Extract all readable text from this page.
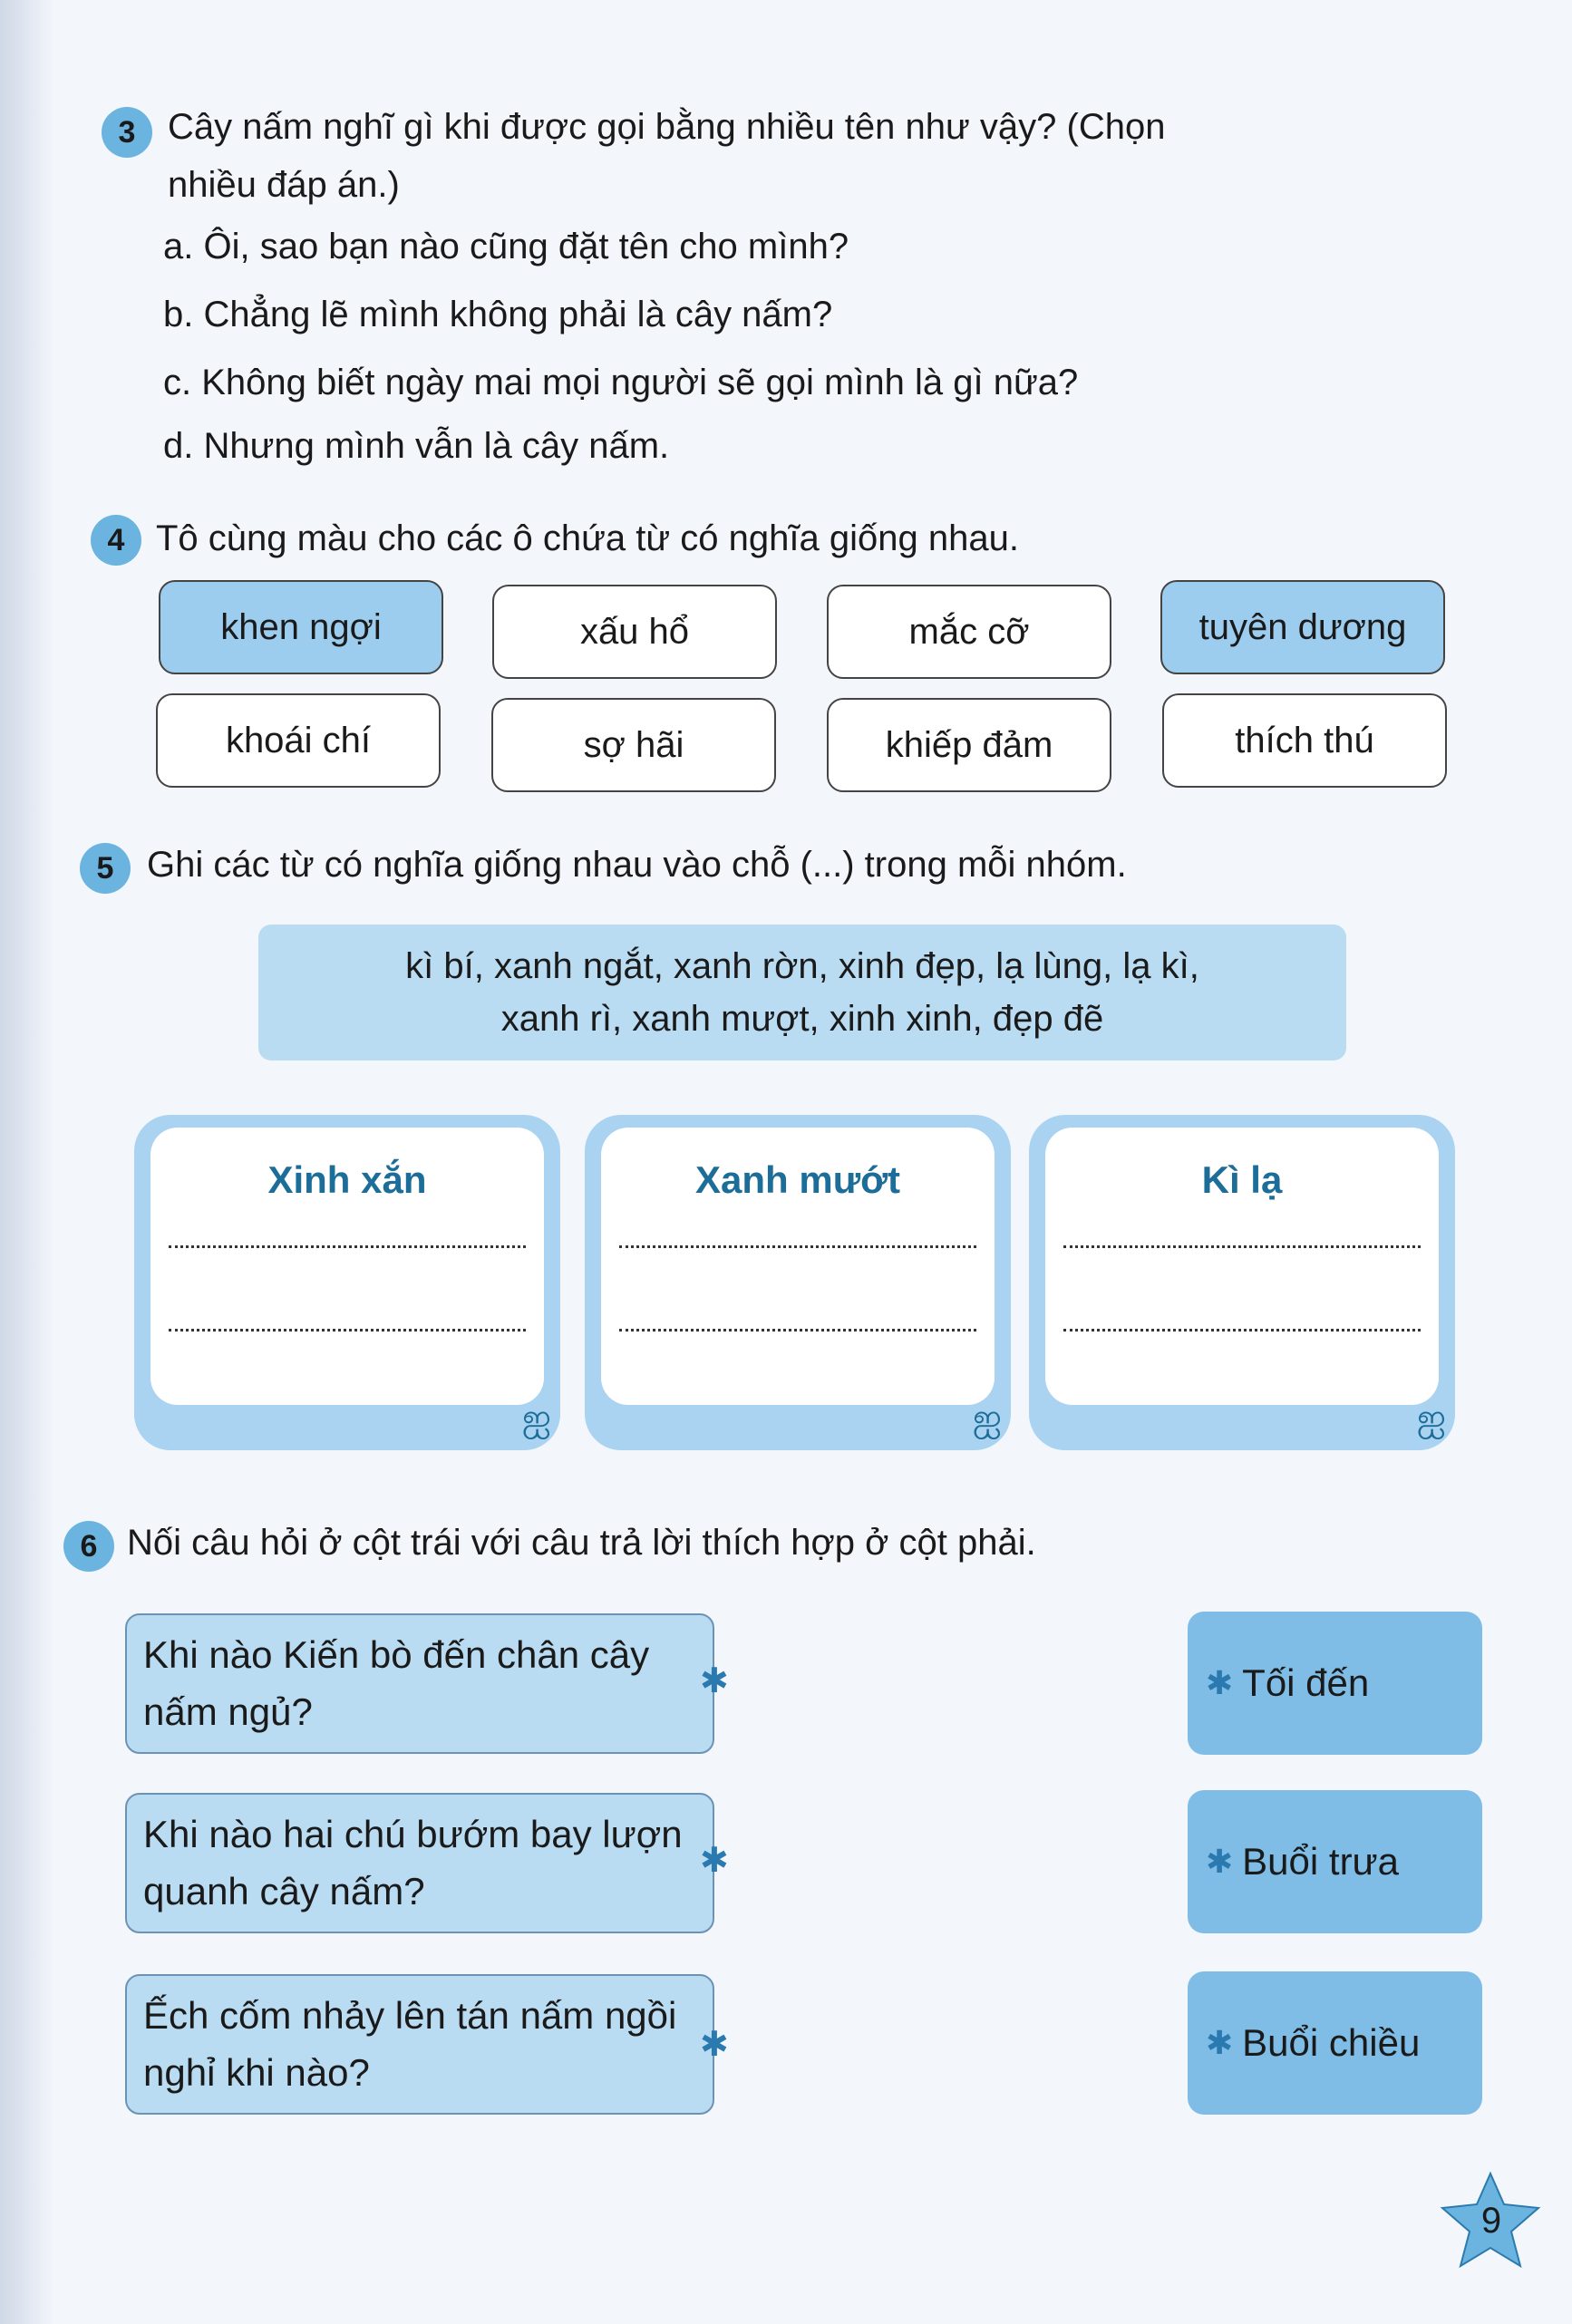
3 Cây nấm nghĩ gì khi được gọi bằng nhiều tên như vậy? (Chọn
nhiều đáp án.)
a. Ôi, sao bạn nào cũng đặt tên cho mình?
b. Chẳng lẽ mình không phải là cây nấm?
c. Không biết ngày mai mọi người sẽ gọi mình là gì nữa?
d. Nhưng mình vẫn là cây nấm.
4 Tô cùng màu cho các ô chứa từ có nghĩa giống nhau.
khen ngợi	xấu hổ	mắc cỡ	tuyên dương
khoái chí	sợ hãi	khiếp đảm	thích thú
5 Ghi các từ có nghĩa giống nhau vào chỗ (...) trong mỗi nhóm.
kì bí, xanh ngắt, xanh rờn, xinh đẹp, lạ lùng, lạ kì,
xanh rì, xanh mượt, xinh xinh, đẹp đẽ
Xinh xắn
ஐ
Xanh mướt
ஐ
Kì lạ
ஐ
6 Nối câu hỏi ở cột trái với câu trả lời thích hợp ở cột phải.
Khi nào Kiến bò đến chân cây nấm ngủ?
Khi nào hai chú bướm bay lượn quanh cây nấm?
Ếch cốm nhảy lên tán nấm ngồi nghỉ khi nào?
✱
✱
✱
✱ Tối đến
✱ Buổi trưa
✱ Buổi chiều
9
